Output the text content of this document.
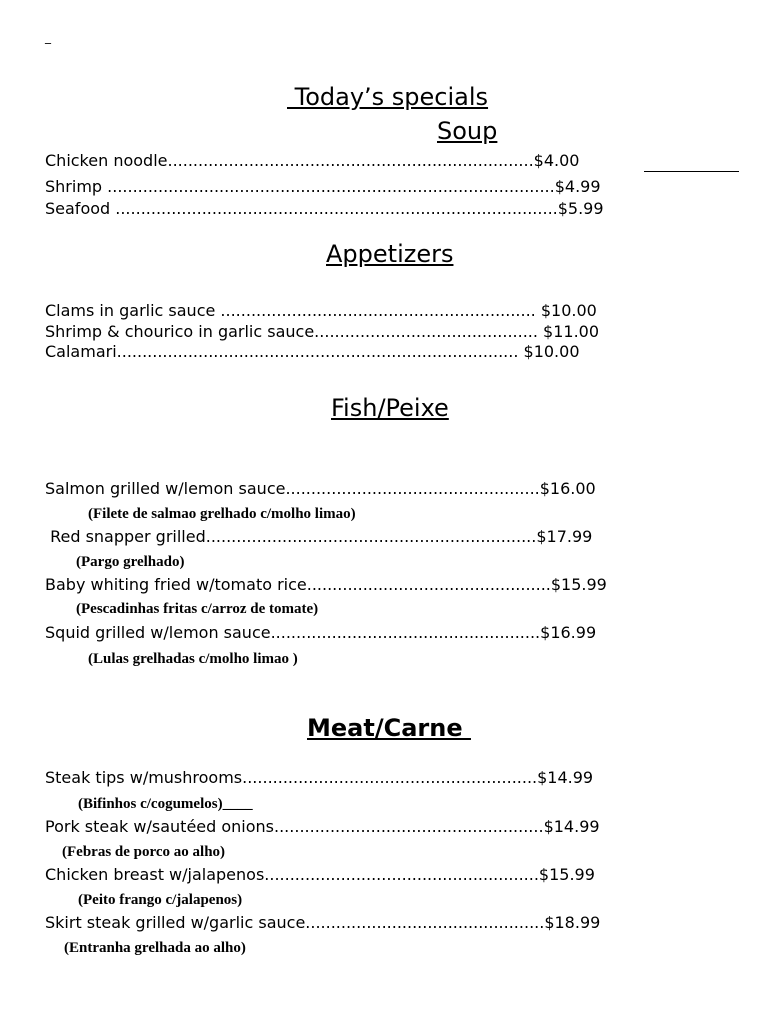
_
Today’s specials
Soup
Chicken noodle........................................................................$4.00
Shrimp ........................................................................................$4.99
Seafood .......................................................................................$5.99
Appetizers
Clams in garlic sauce .............................................................. $10.00
Shrimp & chourico in garlic sauce............................................ $11.00
Calamari............................................................................... $10.00
Fish/Peixe
Salmon grilled w/lemon sauce..................................................$16.00
(Filete de salmao grelhado c/molho limao)
Red snapper grilled.................................................................$17.99
(Pargo grelhado)
Baby whiting fried w/tomato rice................................................$15.99
(Pescadinhas fritas c/arroz de tomate)
Squid grilled w/lemon sauce.....................................................$16.99
(Lulas grelhadas c/molho limao )
Meat/Carne
Steak tips w/mushrooms..........................................................$14.99
(Bifinhos c/cogumelos)____
Pork steak w/sautéed onions.....................................................$14.99
(Febras de porco ao alho)
Chicken breast w/jalapenos......................................................$15.99
(Peito frango c/jalapenos)
Skirt steak grilled w/garlic sauce...............................................$18.99
(Entranha grelhada ao alho)
